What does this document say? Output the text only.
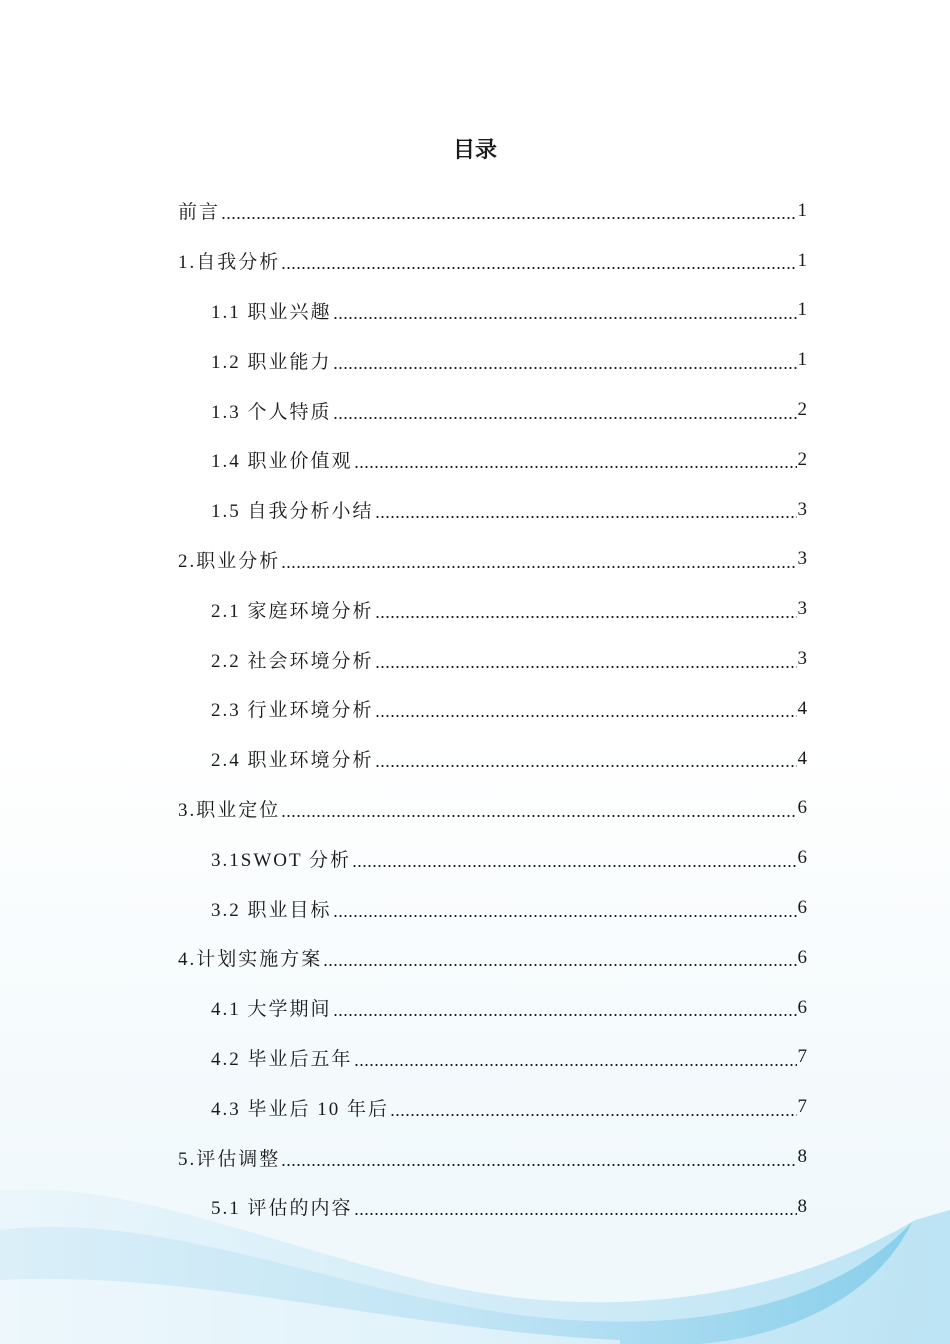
目录
前言	1
1.自我分析	1
1.1 职业兴趣	1
1.2 职业能力	1
1.3 个人特质	2
1.4 职业价值观	2
1.5 自我分析小结	3
2.职业分析	3
2.1 家庭环境分析	3
2.2 社会环境分析	3
2.3 行业环境分析	4
2.4 职业环境分析	4
3.职业定位	6
3.1SWOT 分析	6
3.2 职业目标	6
4.计划实施方案	6
4.1 大学期间	6
4.2 毕业后五年	7
4.3 毕业后 10 年后	7
5.评估调整	8
5.1 评估的内容	8
